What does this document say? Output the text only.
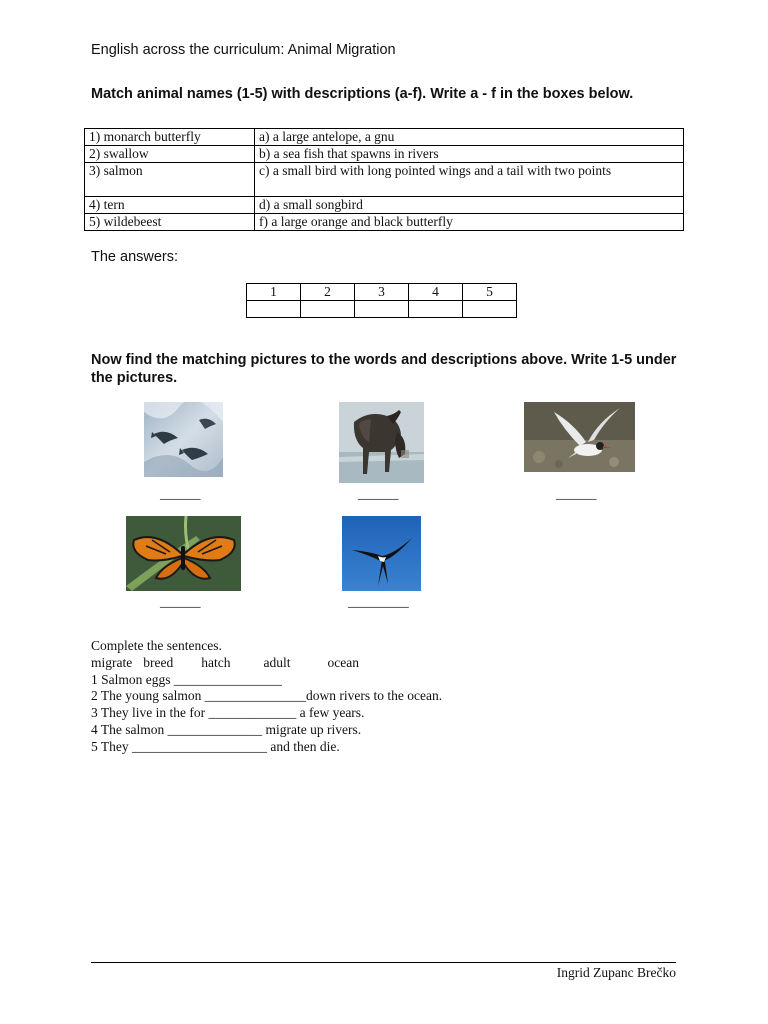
English across the curriculum: Animal Migration
Match animal names (1-5) with descriptions (a-f). Write a - f in the boxes below.
1) monarch butterfly	a) a large antelope, a gnu
2) swallow	b) a sea fish that spawns in rivers
3) salmon	c) a small bird with long pointed wings and a tail with two points
4) tern	d) a small songbird
5) wildebeest	f) a large orange and black butterfly
The answers:
1	2	3	4	5

Now find the matching pictures to the words and descriptions above. Write 1-5 under the pictures.
______	______	______
______	_________
Complete the sentences.
migrate breed hatch adult	ocean
1 Salmon eggs ________________
2 The young salmon _______________down rivers to the ocean.
3 They live in the for _____________ a few years.
4 The salmon ______________ migrate up rivers.
5 They ____________________ and then die.
Ingrid Zupanc Brečko
